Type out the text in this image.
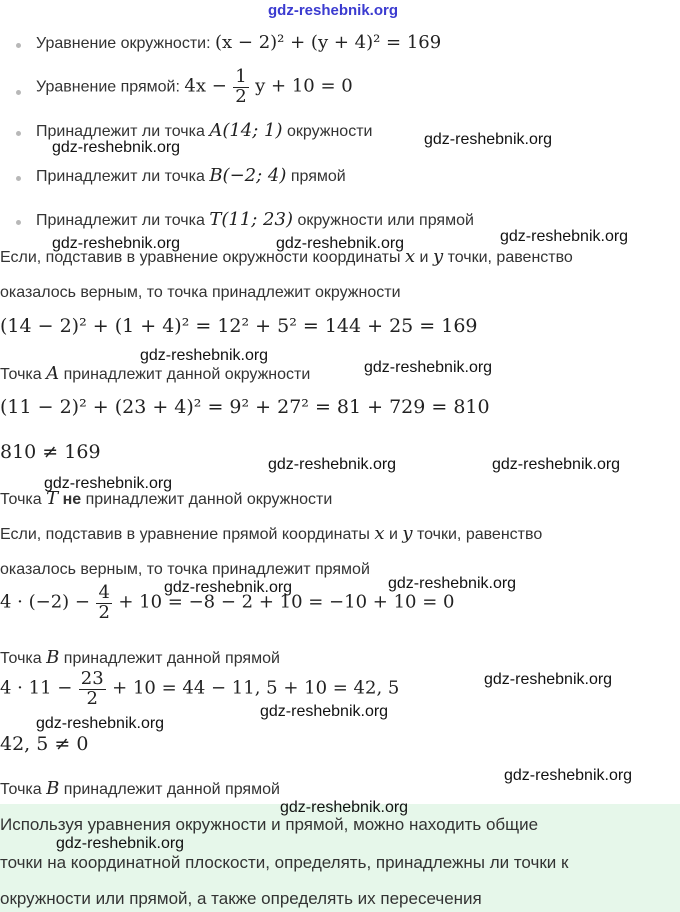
Уравнение окружности: (x − 2)² + (y + 4)² = 169
Уравнение прямой: $4x - \frac{1}{2}$ y + 10 = 0
Принадлежит ли точка A(14; 1) окружности
Принадлежит ли точка B(−2; 4) прямой
Принадлежит ли точка T(11; 23) окружности или прямой
Если, подставив в уравнение окружности координаты x и y точки, равенство
оказалось верным, то точка принадлежит окружности
(14 − 2)² + (1 + 4)² = 12² + 5² = 144 + 25 = 169
Точка A принадлежит данной окружности
(11 − 2)² + (23 + 4)² = 9² + 27² = 81 + 729 = 810
810 ≠ 169
Точка T не принадлежит данной окружности
Если, подставив в уравнение прямой координаты x и y точки, равенство
оказалось верным, то точка принадлежит прямой
$4 \cdot (-2) - \frac{4}{2} + 10 = -8 - 2 + 10 = -10 + 10 = 0$
Точка B принадлежит данной прямой
$4 \cdot 11 - \frac{23}{2} + 10 = 44 - 11$, 5 + 10 = 42, 5
42, 5 ≠ 0
Точка B принадлежит данной прямой
Используя уравнения окружности и прямой, можно находить общие
точки на координатной плоскости, определять, принадлежны ли точки к
окружности или прямой, а также определять их пересечения
gdz-reshebnik.org
gdz-reshebnik.org	gdz-reshebnik.org
gdz-reshebnik.org	gdz-reshebnik.org	gdz-reshebnik.org
gdz-reshebnik.org
gdz-reshebnik.org
gdz-reshebnik.org
gdz-reshebnik.org	gdz-reshebnik.org
gdz-reshebnik.org	gdz-reshebnik.org
gdz-reshebnik.org
gdz-reshebnik.org
gdz-reshebnik.org
gdz-reshebnik.org
gdz-reshebnik.org
gdz-reshebnik.org
